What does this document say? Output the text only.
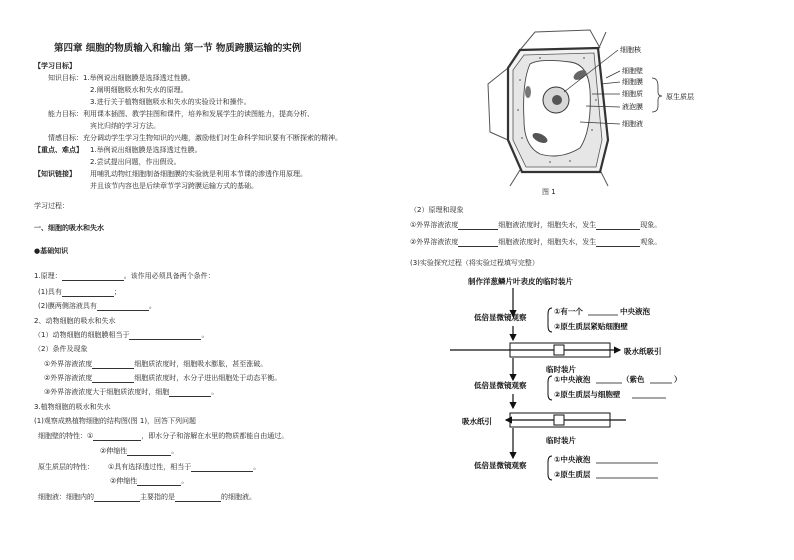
第四章 细胞的物质输入和输出 第一节 物质跨膜运输的实例
【学习目标】
知识目标：1.举例说出细胞膜是选择透过性膜。
2.阐明细胞吸水和失水的原理。
3.进行关于植物细胞吸水和失水的实验设计和操作。
能力目标：利用课本插图、教学挂图和课件，培养和发展学生的读图能力，提高分析、
宾比归纳的学习方法。
情感目标：充分调动学生学习生物知识的兴趣，激励他们对生命科学知识要有不断探索的精神。
【重点、难点】 1.举例说出细胞膜是选择透过性膜。
2.尝试提出问题，作出假设。
【知识链接】 用哺乳动物红细胞制备细胞膜的实验就是利用本节课的渗透作用原理。
并且该节内容也是后续章节学习跨膜运输方式的基础。
学习过程：
一、细胞的吸水和失水
●基础知识
1.原理：	。该作用必须具备两个条件：
(1)具有	；
(2)膜两侧溶液具有	。
2、动物细胞的吸水和失水
（1）动物细胞的细胞膜相当于	。
（2）条件及现象
①外界溶液浓度	细胞质浓度时，细胞吸水膨胀，甚至涨破。
②外界溶液浓度	细胞质浓度时，水分子进出细胞处于动态平衡。
③外界溶液浓度大于细胞质浓度时，细胞	。
3.植物细胞的吸水和失水
(1)观察成熟植物细胞的结构图(图 1)，回答下列问题
细胞壁的特性：①	，即水分子和溶解在水里的物质都能自由通过。
②伸缩性	。
原生质层的特性： ①具有选择透过性，相当于	。
②伸缩性	。
细胞液：细胞内的	主要指的是	的细胞液。
细胞核
细胞壁
细胞膜
细胞质
液泡膜
细胞液
原生质层
图 1
（2）原理和现象
①外界溶液浓度	细胞液浓度时，细胞失水，发生	现象。
②外界溶液浓度	细胞液浓度时，细胞失水，发生	观象。
(3)实验探究过程（将实验过程填写完整）
制作洋葱鳞片叶表皮的临时装片
低倍显微镜观察
①有一个	中央液泡
②原生质层紧贴细胞壁
吸水纸吸引
临时装片
低倍显微镜观察
①中央液泡	（紫色	）
②原生质层与细胞壁
吸水纸引
临时装片
低倍显微镜观察
①中央液泡
②原生质层
